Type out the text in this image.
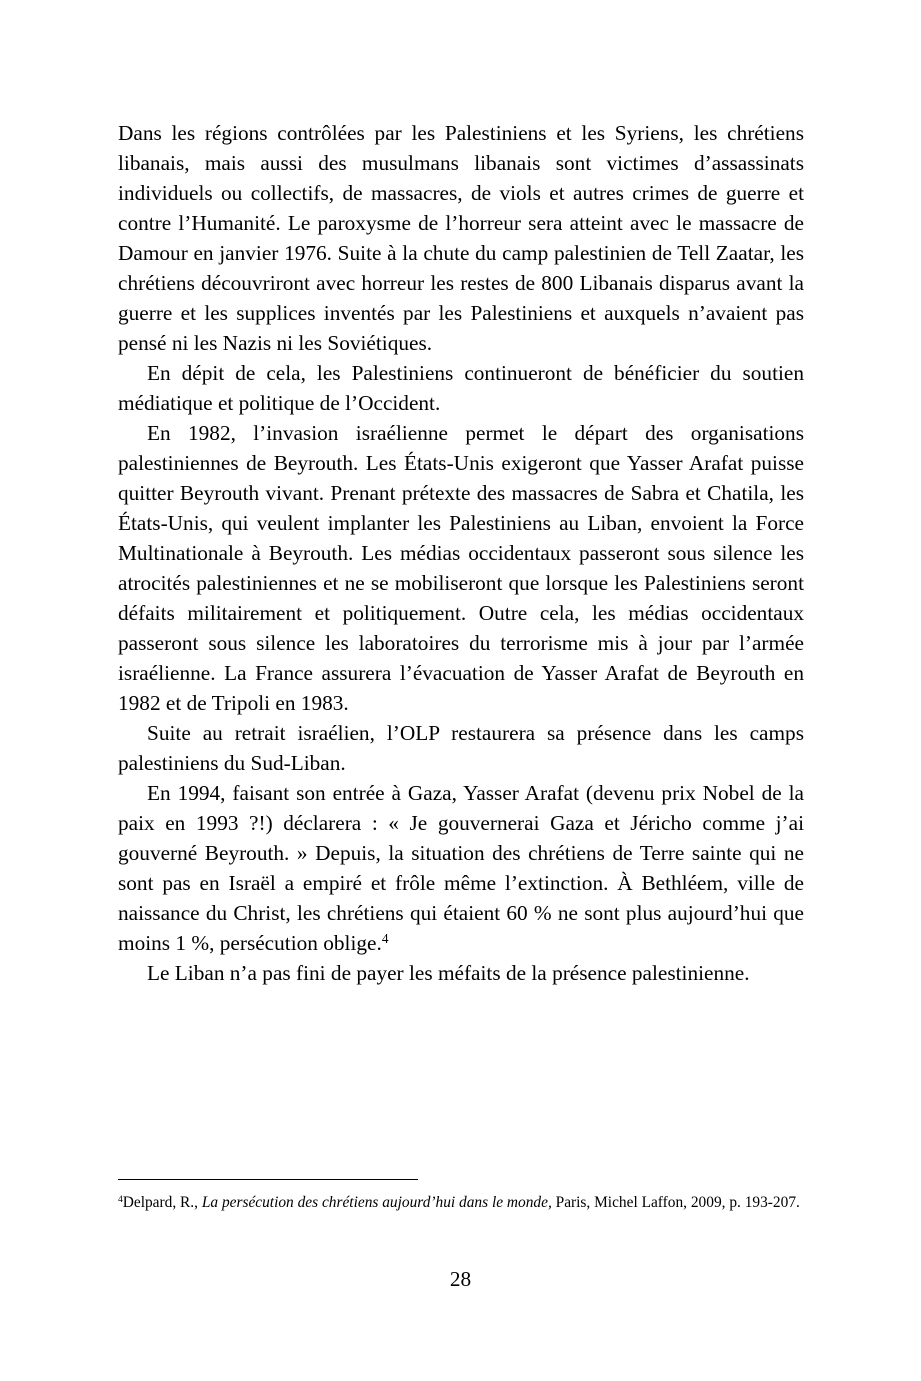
Dans les régions contrôlées par les Palestiniens et les Syriens, les chrétiens libanais, mais aussi des musulmans libanais sont victimes d’assassinats individuels ou collectifs, de massacres, de viols et autres crimes de guerre et contre l’Humanité. Le paroxysme de l’horreur sera atteint avec le massacre de Damour en janvier 1976. Suite à la chute du camp palestinien de Tell Zaatar, les chrétiens découvriront avec horreur les restes de 800 Libanais disparus avant la guerre et les supplices inventés par les Palestiniens et auxquels n’avaient pas pensé ni les Nazis ni les Soviétiques.

En dépit de cela, les Palestiniens continueront de bénéficier du soutien médiatique et politique de l’Occident.

En 1982, l’invasion israélienne permet le départ des organisations palestiniennes de Beyrouth. Les États-Unis exigeront que Yasser Arafat puisse quitter Beyrouth vivant. Prenant prétexte des massacres de Sabra et Chatila, les États-Unis, qui veulent implanter les Palestiniens au Liban, envoient la Force Multinationale à Beyrouth. Les médias occidentaux passeront sous silence les atrocités palestiniennes et ne se mobiliseront que lorsque les Palestiniens seront défaits militairement et politiquement. Outre cela, les médias occidentaux passeront sous silence les laboratoires du terrorisme mis à jour par l’armée israélienne. La France assurera l’évacuation de Yasser Arafat de Beyrouth en 1982 et de Tripoli en 1983.

Suite au retrait israélien, l’OLP restaurera sa présence dans les camps palestiniens du Sud-Liban.

En 1994, faisant son entrée à Gaza, Yasser Arafat (devenu prix Nobel de la paix en 1993 ?!) déclarera : « Je gouvernerai Gaza et Jéricho comme j’ai gouverné Beyrouth. » Depuis, la situation des chrétiens de Terre sainte qui ne sont pas en Israël a empiré et frôle même l’extinction. À Bethléem, ville de naissance du Christ, les chrétiens qui étaient 60 % ne sont plus aujourd’hui que moins 1 %, persécution oblige.$^4$

Le Liban n’a pas fini de payer les méfaits de la présence palestinienne.

$^4$Delpard, R., La persécution des chrétiens aujourd’hui dans le monde, Paris, Michel Laffon, 2009, p. 193-207.
28
